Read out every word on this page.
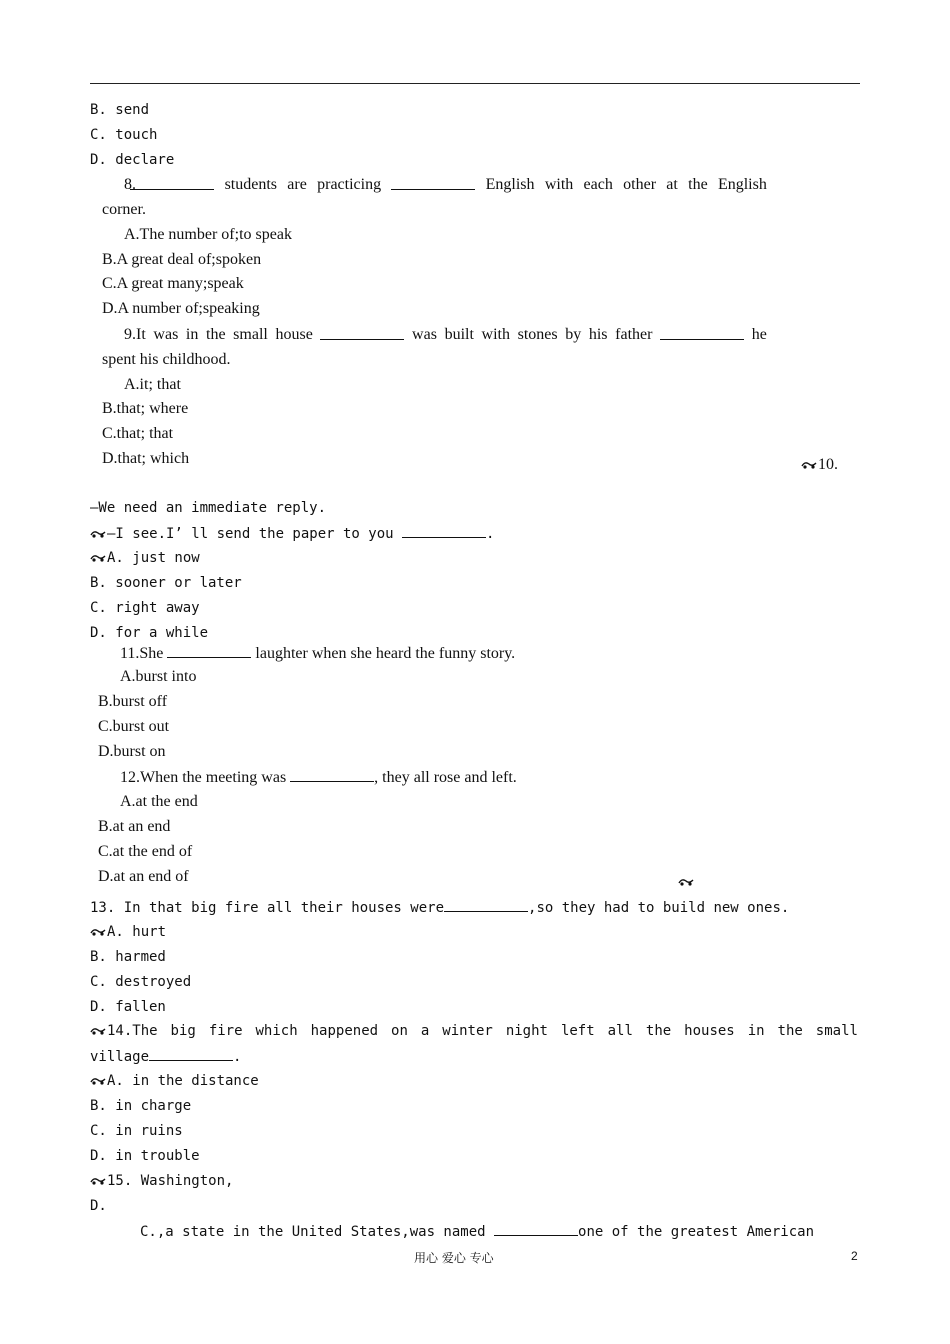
B. send
C. touch
D. declare
8.	students are practicing	English with each other at the English
corner.
A.The number of;to speak
B.A great deal of;spoken
C.A great many;speak
D.A number of;speaking
9.It was in the small house	was built with stones by his father	he
spent his childhood.
A.it; that
B.that; where
C.that; that
D.that; which	10.
—We need an immediate reply.
—I see.I’ ll send the paper to you	.
A. just now
B. sooner or later
C. right away
D. for a while
11.She	laughter when she heard the funny story.
A.burst into
B.burst off
C.burst out
D.burst on
12.When the meeting was	, they all rose and left.
A.at the end
B.at an end
C.at the end of
D.at an end of
13. In that big fire all their houses were	,so they had to build new ones.
A. hurt
B. harmed
C. destroyed
D. fallen
14.The big fire which happened on a winter night left all the houses in the small
village	.
A. in the distance
B. in charge
C. in ruins
D. in trouble
15. Washington,
D.
C.,a state in the United States,was named	one of the greatest American
用心 爱心 专心	2
